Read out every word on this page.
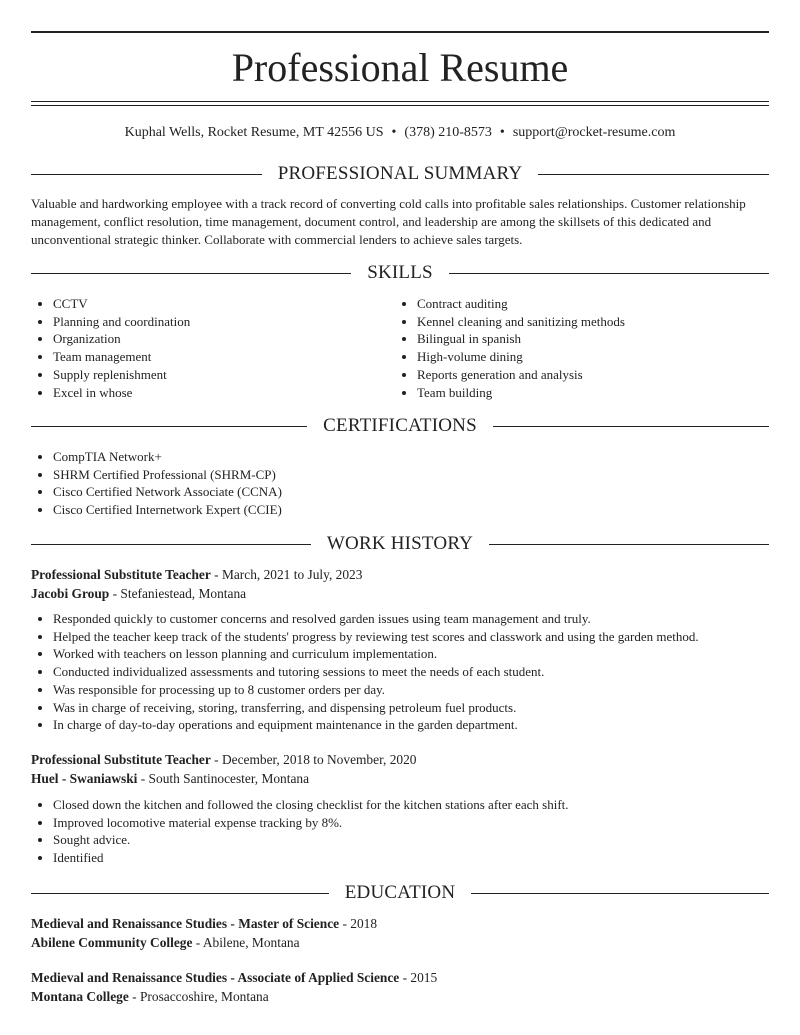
Professional Resume
Kuphal Wells, Rocket Resume, MT 42556 US • (378) 210-8573 • support@rocket-resume.com
PROFESSIONAL SUMMARY
Valuable and hardworking employee with a track record of converting cold calls into profitable sales relationships. Customer relationship management, conflict resolution, time management, document control, and leadership are among the skillsets of this dedicated and unconventional strategic thinker. Collaborate with commercial lenders to achieve sales targets.
SKILLS
• CCTV
• Planning and coordination
• Organization
• Team management
• Supply replenishment
• Excel in whose
• Contract auditing
• Kennel cleaning and sanitizing methods
• Bilingual in spanish
• High-volume dining
• Reports generation and analysis
• Team building
CERTIFICATIONS
• CompTIA Network+
• SHRM Certified Professional (SHRM-CP)
• Cisco Certified Network Associate (CCNA)
• Cisco Certified Internetwork Expert (CCIE)
WORK HISTORY
Professional Substitute Teacher - March, 2021 to July, 2023
Jacobi Group - Stefaniestead, Montana
• Responded quickly to customer concerns and resolved garden issues using team management and truly.
• Helped the teacher keep track of the students' progress by reviewing test scores and classwork and using the garden method.
• Worked with teachers on lesson planning and curriculum implementation.
• Conducted individualized assessments and tutoring sessions to meet the needs of each student.
• Was responsible for processing up to 8 customer orders per day.
• Was in charge of receiving, storing, transferring, and dispensing petroleum fuel products.
• In charge of day-to-day operations and equipment maintenance in the garden department.
Professional Substitute Teacher - December, 2018 to November, 2020
Huel - Swaniawski - South Santinocester, Montana
• Closed down the kitchen and followed the closing checklist for the kitchen stations after each shift.
• Improved locomotive material expense tracking by 8%.
• Sought advice.
• Identified
EDUCATION
Medieval and Renaissance Studies - Master of Science - 2018
Abilene Community College - Abilene, Montana
Medieval and Renaissance Studies - Associate of Applied Science - 2015
Montana College - Prosaccoshire, Montana
